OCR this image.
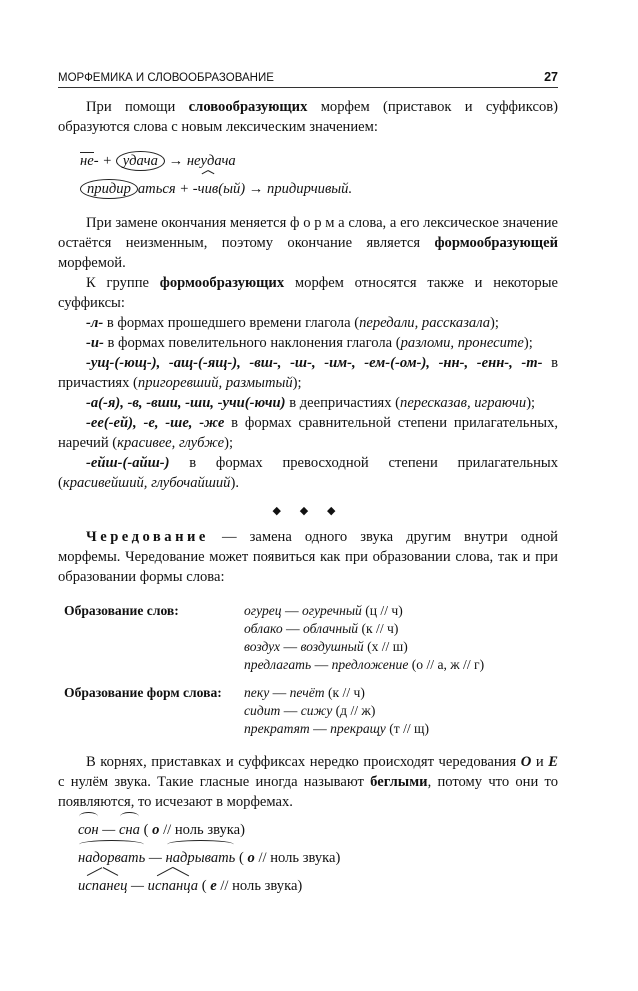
МОРФЕМИКА И СЛОВООБРАЗОВАНИЕ	27

При помощи словообразующих морфем (приставок и суффиксов) образуются слова с новым лексическим значением:

не- + удача → неудача
придир аться + -чив(ый) → придирчивый.

При замене окончания меняется ф о р м а слова, а его лексическое значение остаётся неизменным, поэтому окончание является формообразующей морфемой.

К группе формообразующих морфем относятся также и некоторые суффиксы:

-л- в формах прошедшего времени глагола (передали, рассказала);

-и- в формах повелительного наклонения глагола (разломи, пронесите);

-ущ-(-ющ-), -ащ-(-ящ-), -вш-, -ш-, -им-, -ем-(-ом-), -нн-, -енн-, -т- в причастиях (пригоревший, размытый);

-а(-я), -в, -вши, -ши, -учи(-ючи) в деепричастиях (пересказав, играючи);

-ее(-ей), -е, -ше, -же в формах сравнительной степени прилагательных, наречий (красивее, глубже);

-ейш-(-айш-) в формах превосходной степени прилагательных (красивейший, глубочайший).

◆ ◆ ◆

Чередование — замена одного звука другим внутри одной морфемы. Чередование может появиться как при образовании слова, так и при образовании формы слова:

Образование слов:	огурец — огуречный (ц // ч)
облако — облачный (к // ч)
воздух — воздушный (х // ш)
предлагать — предложение (о // а, ж // г)

Образование форм слова:	пеку — печёт (к // ч)
сидит — сижу (д // ж)
прекратят — прекращу (т // щ)

В корнях, приставках и суффиксах нередко происходят чередования О и Е с нулём звука. Такие гласные иногда называют беглыми, потому что они то появляются, то исчезают в морфемах.

сон — сна ( о // ноль звука)
надорвать — надрывать ( о // ноль звука)
испанец — испанца ( е // ноль звука)
